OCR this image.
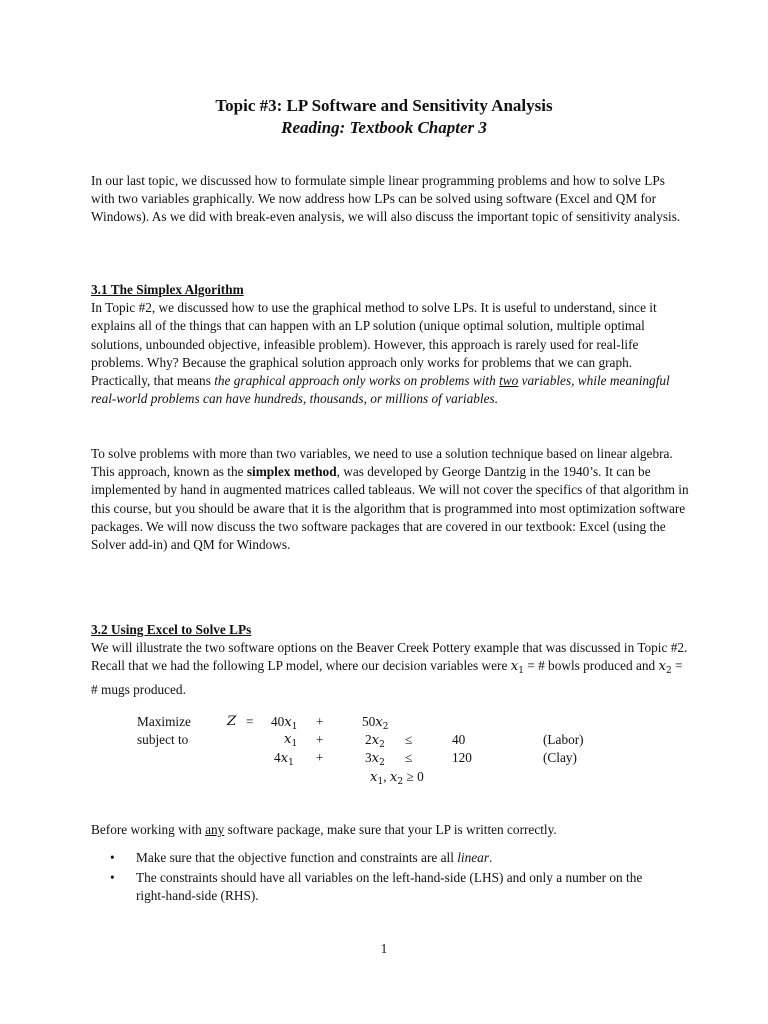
Topic #3: LP Software and Sensitivity Analysis
Reading: Textbook Chapter 3

In our last topic, we discussed how to formulate simple linear programming problems and how to solve LPs with two variables graphically. We now address how LPs can be solved using software (Excel and QM for Windows). As we did with break-even analysis, we will also discuss the important topic of sensitivity analysis.

3.1 The Simplex Algorithm
In Topic #2, we discussed how to use the graphical method to solve LPs. It is useful to understand, since it explains all of the things that can happen with an LP solution (unique optimal solution, multiple optimal solutions, unbounded objective, infeasible problem). However, this approach is rarely used for real-life problems. Why? Because the graphical solution approach only works for problems that we can graph. Practically, that means the graphical approach only works on problems with two variables, while meaningful real-world problems can have hundreds, thousands, or millions of variables.

To solve problems with more than two variables, we need to use a solution technique based on linear algebra. This approach, known as the simplex method, was developed by George Dantzig in the 1940’s. It can be implemented by hand in augmented matrices called tableaus. We will not cover the specifics of that algorithm in this course, but you should be aware that it is the algorithm that is programmed into most optimization software packages. We will now discuss the two software packages that are covered in our textbook: Excel (using the Solver add-in) and QM for Windows.

3.2 Using Excel to Solve LPs
We will illustrate the two software options on the Beaver Creek Pottery example that was discussed in Topic #2. Recall that we had the following LP model, where our decision variables were $x_1$ = # bowls produced and $x_2$ = # mugs produced.

Maximize	$Z = 40x_1$ +	$50x_2$
subject to	$x_1$ +	$2x_2$ ≤	40	(Labor)
$4x_1$ +	$3x_2$ ≤	120	(Clay)
$x_1$, $x_2 \ge 0$

Before working with any software package, make sure that your LP is written correctly.

• Make sure that the objective function and constraints are all linear.
• The constraints should have all variables on the left-hand-side (LHS) and only a number on the right-hand-side (RHS).
1
